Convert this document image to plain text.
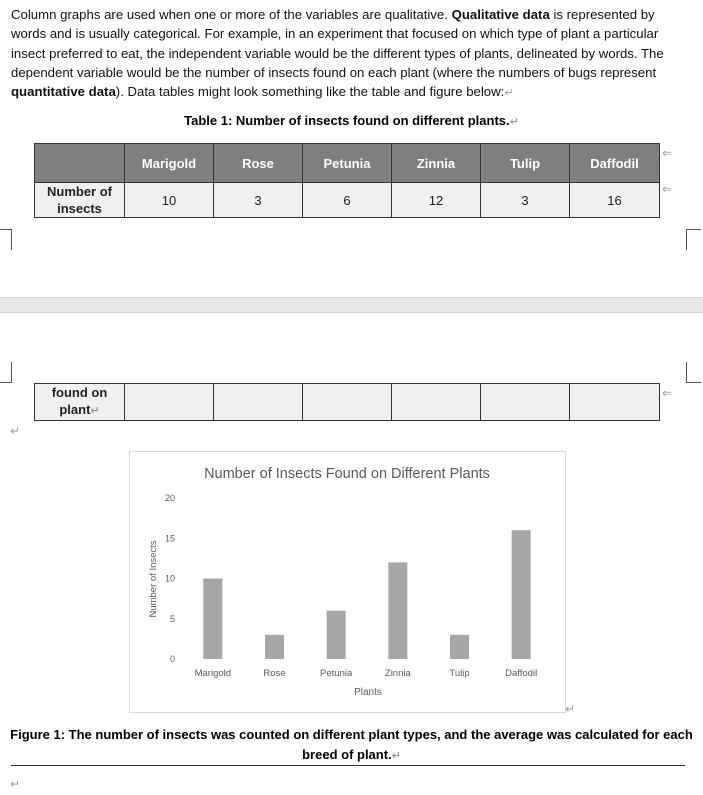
Column graphs are used when one or more of the variables are qualitative. Qualitative data is represented by words and is usually categorical. For example, in an experiment that focused on which type of plant a particular insect preferred to eat, the independent variable would be the different types of plants, delineated by words. The dependent variable would be the number of insects found on each plant (where the numbers of bugs represent quantitative data). Data tables might look something like the table and figure below:↵
Table 1: Number of insects found on different plants.↵
	Marigold	Rose	Petunia	Zinnia	Tulip	Daffodil
Number of insects	10	3	6	12	3	16
⇐
⇐
found on plant↵						
⇐
↵
Number of Insects Found on Different Plants
Number of Insects
Plants
0
5
10
15
20
Marigold	Rose	Petunia	Zinnia	Tulip	Daffodil
↵
Figure 1: The number of insects was counted on different plant types, and the average was calculated for each breed of plant.↵
↵
